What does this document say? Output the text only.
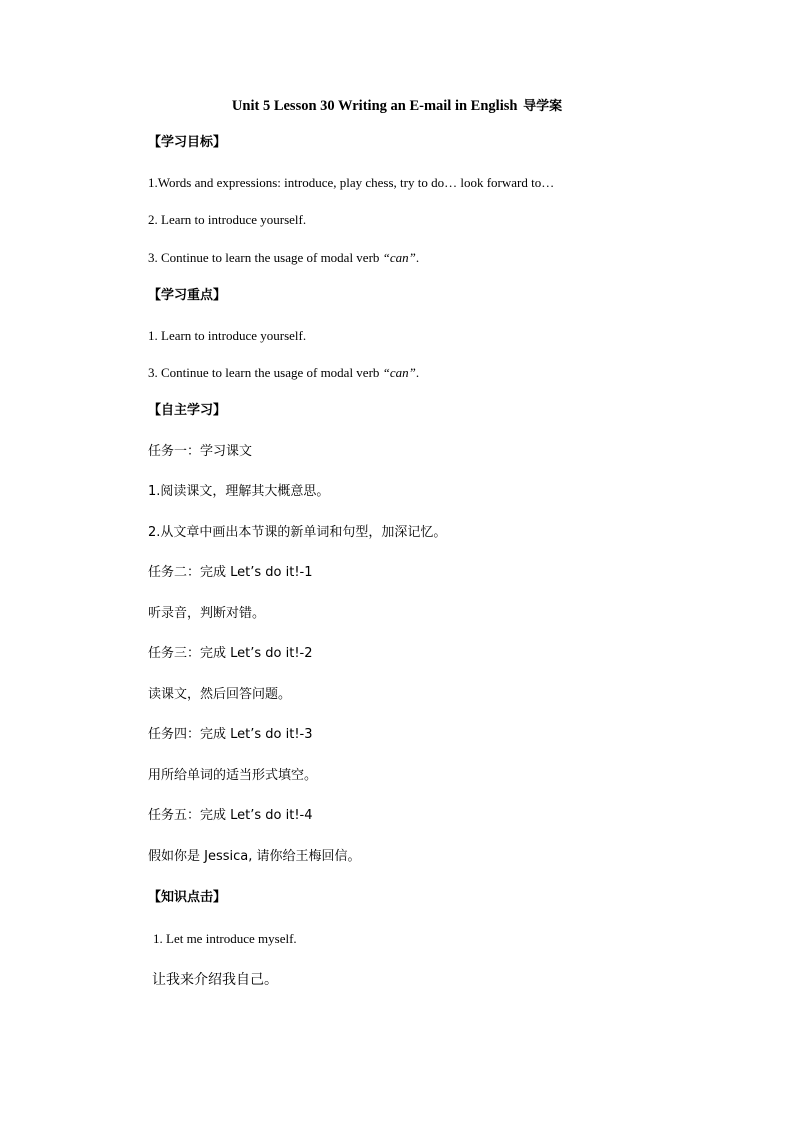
Unit 5 Lesson 30 Writing an E-mail in English 导学案
【学习目标】
1.Words and expressions: introduce, play chess, try to do… look forward to…
2. Learn to introduce yourself.
3. Continue to learn the usage of modal verb “can”.
【学习重点】
1. Learn to introduce yourself.
3. Continue to learn the usage of modal verb “can”.
【自主学习】
任务一：学习课文
1.阅读课文，理解其大概意思。
2.从文章中画出本节课的新单词和句型，加深记忆。
任务二：完成 Let’s do it!-1
听录音，判断对错。
任务三：完成 Let’s do it!-2
读课文，然后回答问题。
任务四：完成 Let’s do it!-3
用所给单词的适当形式填空。
任务五：完成 Let’s do it!-4
假如你是 Jessica, 请你给王梅回信。
【知识点击】
1. Let me introduce myself.
让我来介绍我自己。
